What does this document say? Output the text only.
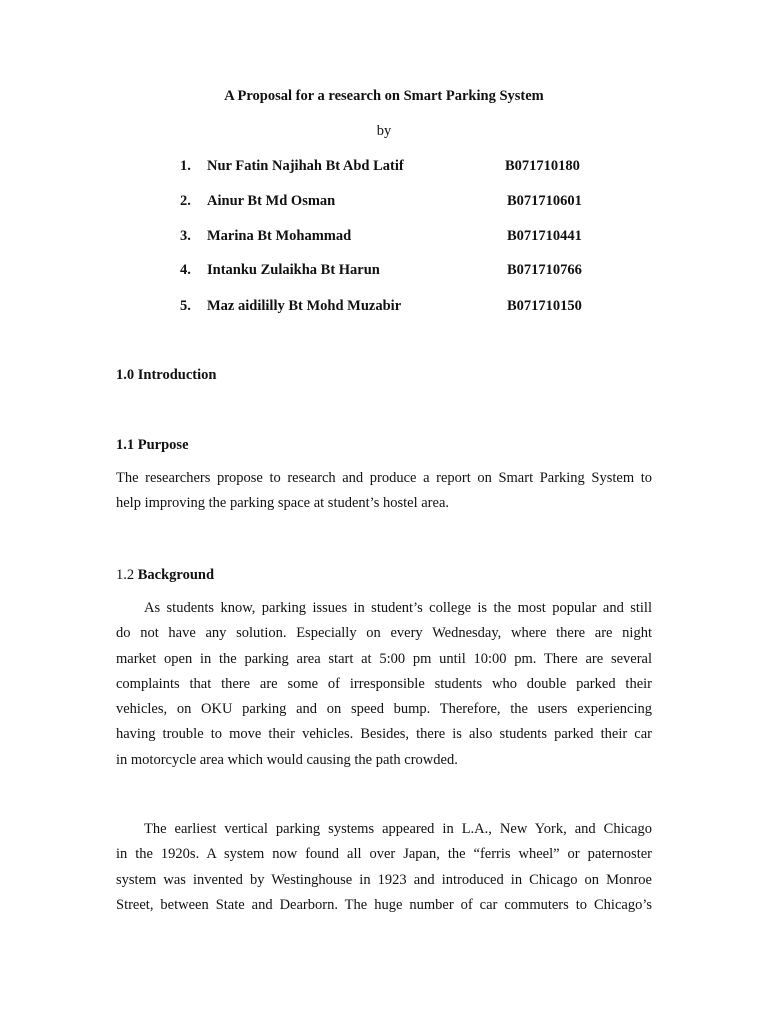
A Proposal for a research on Smart Parking System
by
1. Nur Fatin Najihah Bt Abd Latif	B071710180
2. Ainur Bt Md Osman	B071710601
3. Marina Bt Mohammad	B071710441
4. Intanku Zulaikha Bt Harun	B071710766
5. Maz aidililly Bt Mohd Muzabir	B071710150
1.0 Introduction
1.1 Purpose
The researchers propose to research and produce a report on Smart Parking System to
help improving the parking space at student’s hostel area.
1.2 Background
As students know, parking issues in student’s college is the most popular and still
do not have any solution. Especially on every Wednesday, where there are night
market open in the parking area start at 5:00 pm until 10:00 pm. There are several
complaints that there are some of irresponsible students who double parked their
vehicles, on OKU parking and on speed bump. Therefore, the users experiencing
having trouble to move their vehicles. Besides, there is also students parked their car
in motorcycle area which would causing the path crowded.
The earliest vertical parking systems appeared in L.A., New York, and Chicago
in the 1920s. A system now found all over Japan, the “ferris wheel” or paternoster
system was invented by Westinghouse in 1923 and introduced in Chicago on Monroe
Street, between State and Dearborn. The huge number of car commuters to Chicago’s
